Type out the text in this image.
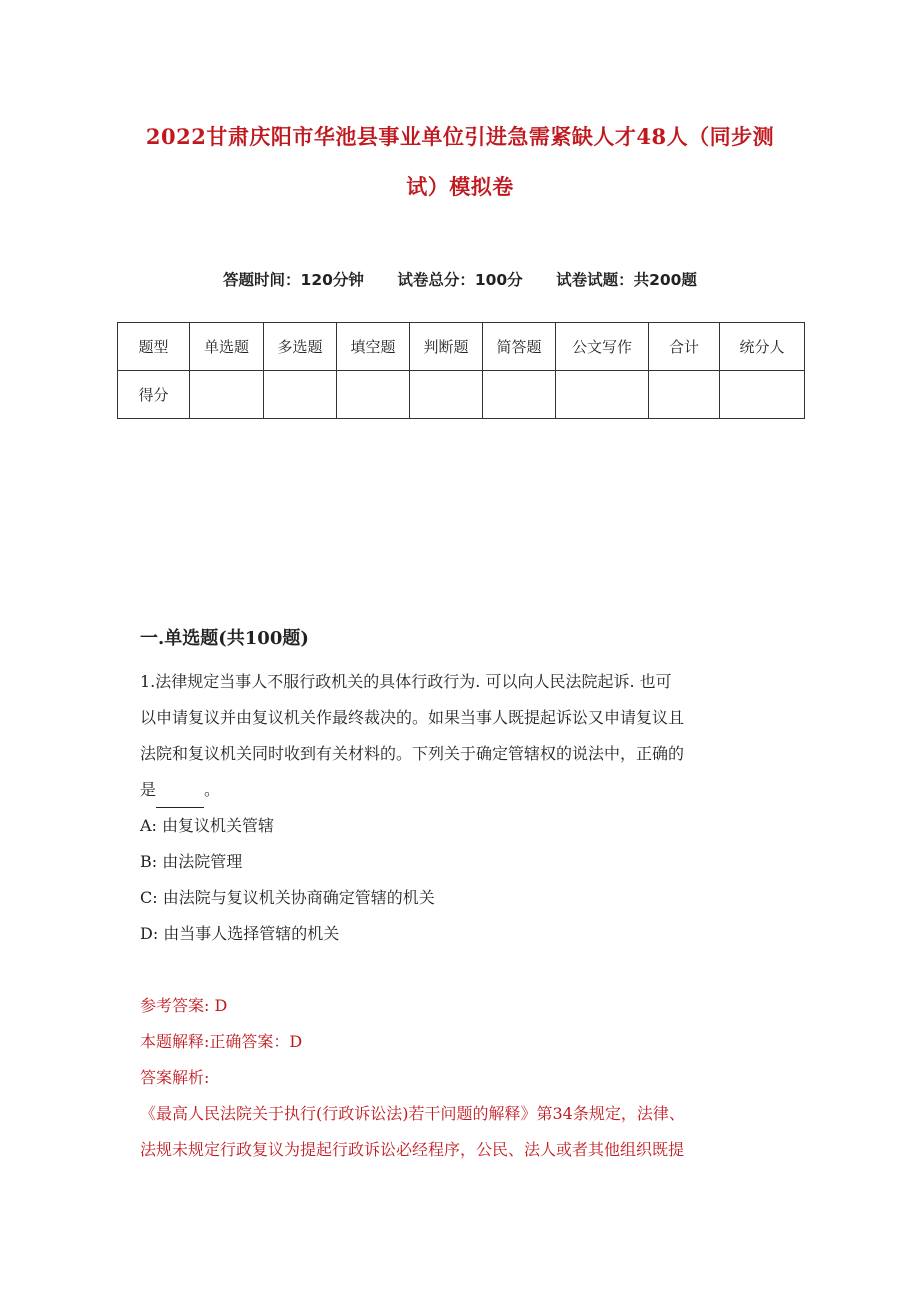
2022甘肃庆阳市华池县事业单位引进急需紧缺人才48人（同步测
试）模拟卷
答题时间：120分钟 试卷总分：100分 试卷试题：共200题
题型	单选题	多选题	填空题	判断题	简答题	公文写作	合计	统分人
得分								
一.单选题(共100题)
1.法律规定当事人不服行政机关的具体行政行为. 可以向人民法院起诉. 也可
以申请复议并由复议机关作最终裁决的。如果当事人既提起诉讼又申请复议且
法院和复议机关同时收到有关材料的。下列关于确定管辖权的说法中，正确的
是	。
A: 由复议机关管辖
B: 由法院管理
C: 由法院与复议机关协商确定管辖的机关
D: 由当事人选择管辖的机关
参考答案: D
本题解释:正确答案：D
答案解析:
《最高人民法院关于执行(行政诉讼法)若干问题的解释》第34条规定，法律、
法规未规定行政复议为提起行政诉讼必经程序，公民、法人或者其他组织既提
